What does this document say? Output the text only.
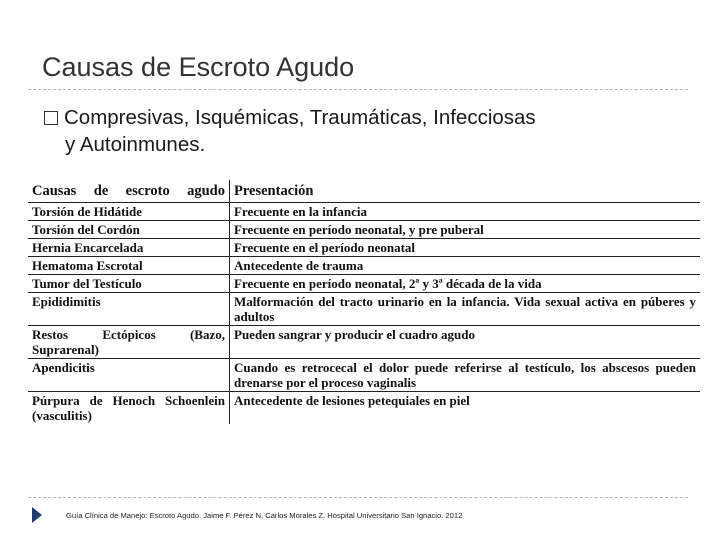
Causas de Escroto Agudo
Compresivas, Isquémicas, Traumáticas, Infecciosas
y Autoinmunes.
Causas de escroto agudo	Presentación
Torsión de Hidátide	Frecuente en la infancia
Torsión del Cordón	Frecuente en período neonatal, y pre puberal
Hernia Encarcelada	Frecuente en el período neonatal
Hematoma Escrotal	Antecedente de trauma
Tumor del Testículo	Frecuente en período neonatal, 2ª y 3ª década de la vida
Epididimitis	Malformación del tracto urinario en la infancia. Vida sexual activa en púberes y adultos
Restos Ectópicos (Bazo, Suprarenal)	Pueden sangrar y producir el cuadro agudo
Apendicitis	Cuando es retrocecal el dolor puede referirse al testículo, los abscesos pueden drenarse por el proceso vaginalis
Púrpura de Henoch Schoenlein (vasculitis)	Antecedente de lesiones petequiales en piel
Guía Clínica de Manejo: Escroto Agudo. Jaime F. Pérez N, Carlos Morales Z. Hospital Universitario San Ignacio. 2012
